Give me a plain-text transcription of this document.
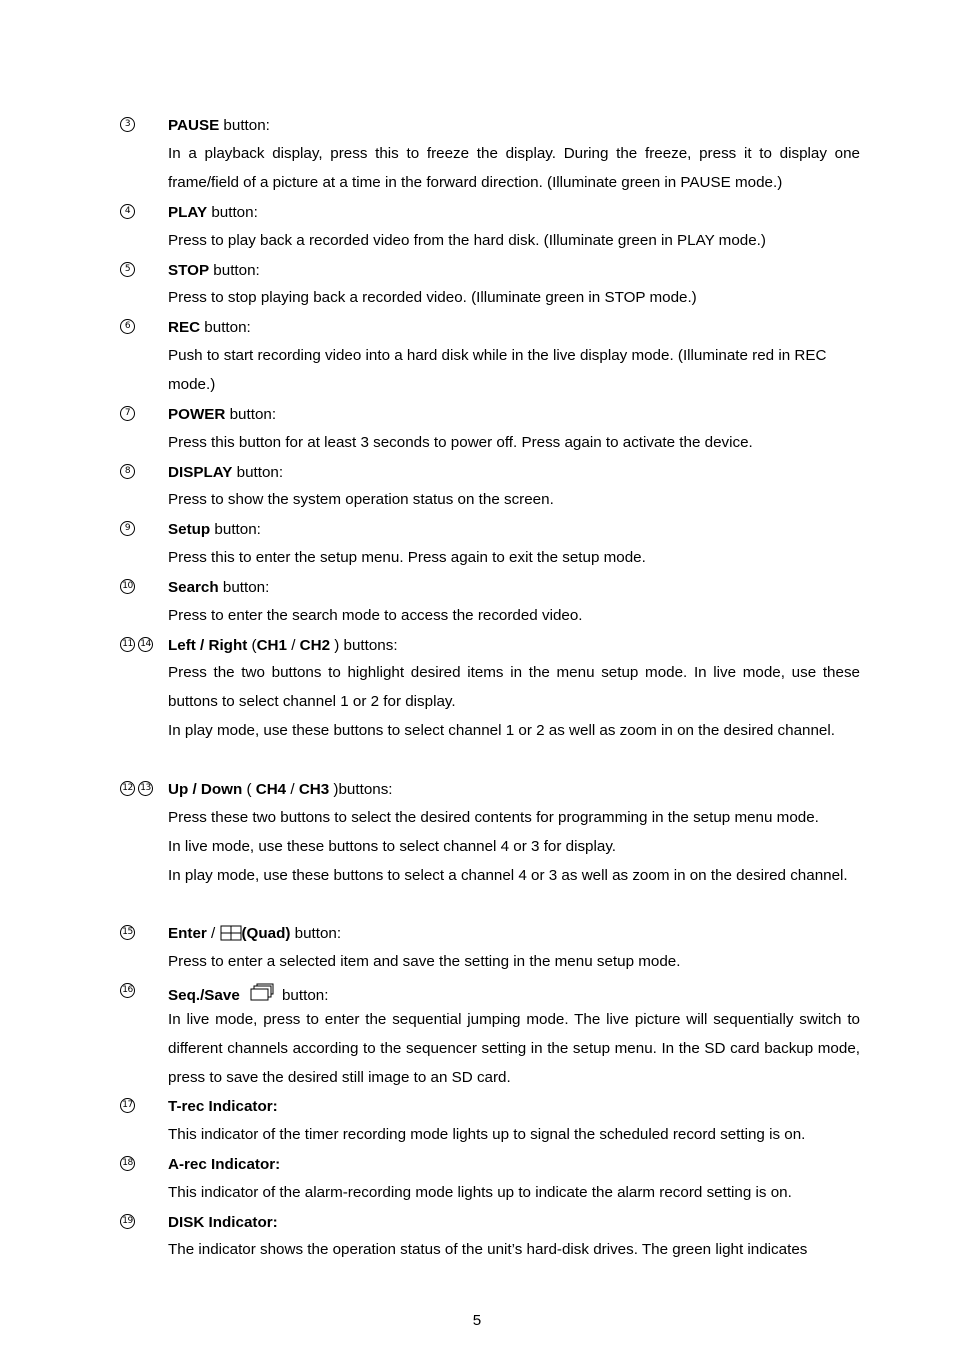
3	PAUSE button:

In a playback display, press this to freeze the display. During the freeze, press it to display one frame/field of a picture at a time in the forward direction. (Illuminate green in PAUSE mode.)

4	PLAY button:

Press to play back a recorded video from the hard disk. (Illuminate green in PLAY mode.)

5	STOP button:

Press to stop playing back a recorded video. (Illuminate green in STOP mode.)

6	REC button:

Push to start recording video into a hard disk while in the live display mode. (Illuminate red in REC mode.)

7	POWER button:

Press this button for at least 3 seconds to power off. Press again to activate the device.

8	DISPLAY button:

Press to show the system operation status on the screen.

9	Setup button:

Press this to enter the setup menu. Press again to exit the setup mode.

10	Search button:

Press to enter the search mode to access the recorded video.

11 14	Left / Right (CH1 / CH2 ) buttons:

Press the two buttons to highlight desired items in the menu setup mode. In live mode, use these buttons to select channel 1 or 2 for display.

In play mode, use these buttons to select channel 1 or 2 as well as zoom in on the desired channel.

12 13	Up / Down ( CH4 / CH3 )buttons:

Press these two buttons to select the desired contents for programming in the setup menu mode.

In live mode, use these buttons to select channel 4 or 3 for display.

In play mode, use these buttons to select a channel 4 or 3 as well as zoom in on the desired channel.

15	Enter / (Quad) button:

Press to enter a selected item and save the setting in the menu setup mode.

16	Seq./Save	button:

In live mode, press to enter the sequential jumping mode. The live picture will sequentially switch to different channels according to the sequencer setting in the setup menu. In the SD card backup mode, press to save the desired still image to an SD card.

17	T-rec Indicator:

This indicator of the timer recording mode lights up to signal the scheduled record setting is on.

18	A-rec Indicator:

This indicator of the alarm-recording mode lights up to indicate the alarm record setting is on.

19	DISK Indicator:

The indicator shows the operation status of the unit’s hard-disk drives. The green light indicates

5
